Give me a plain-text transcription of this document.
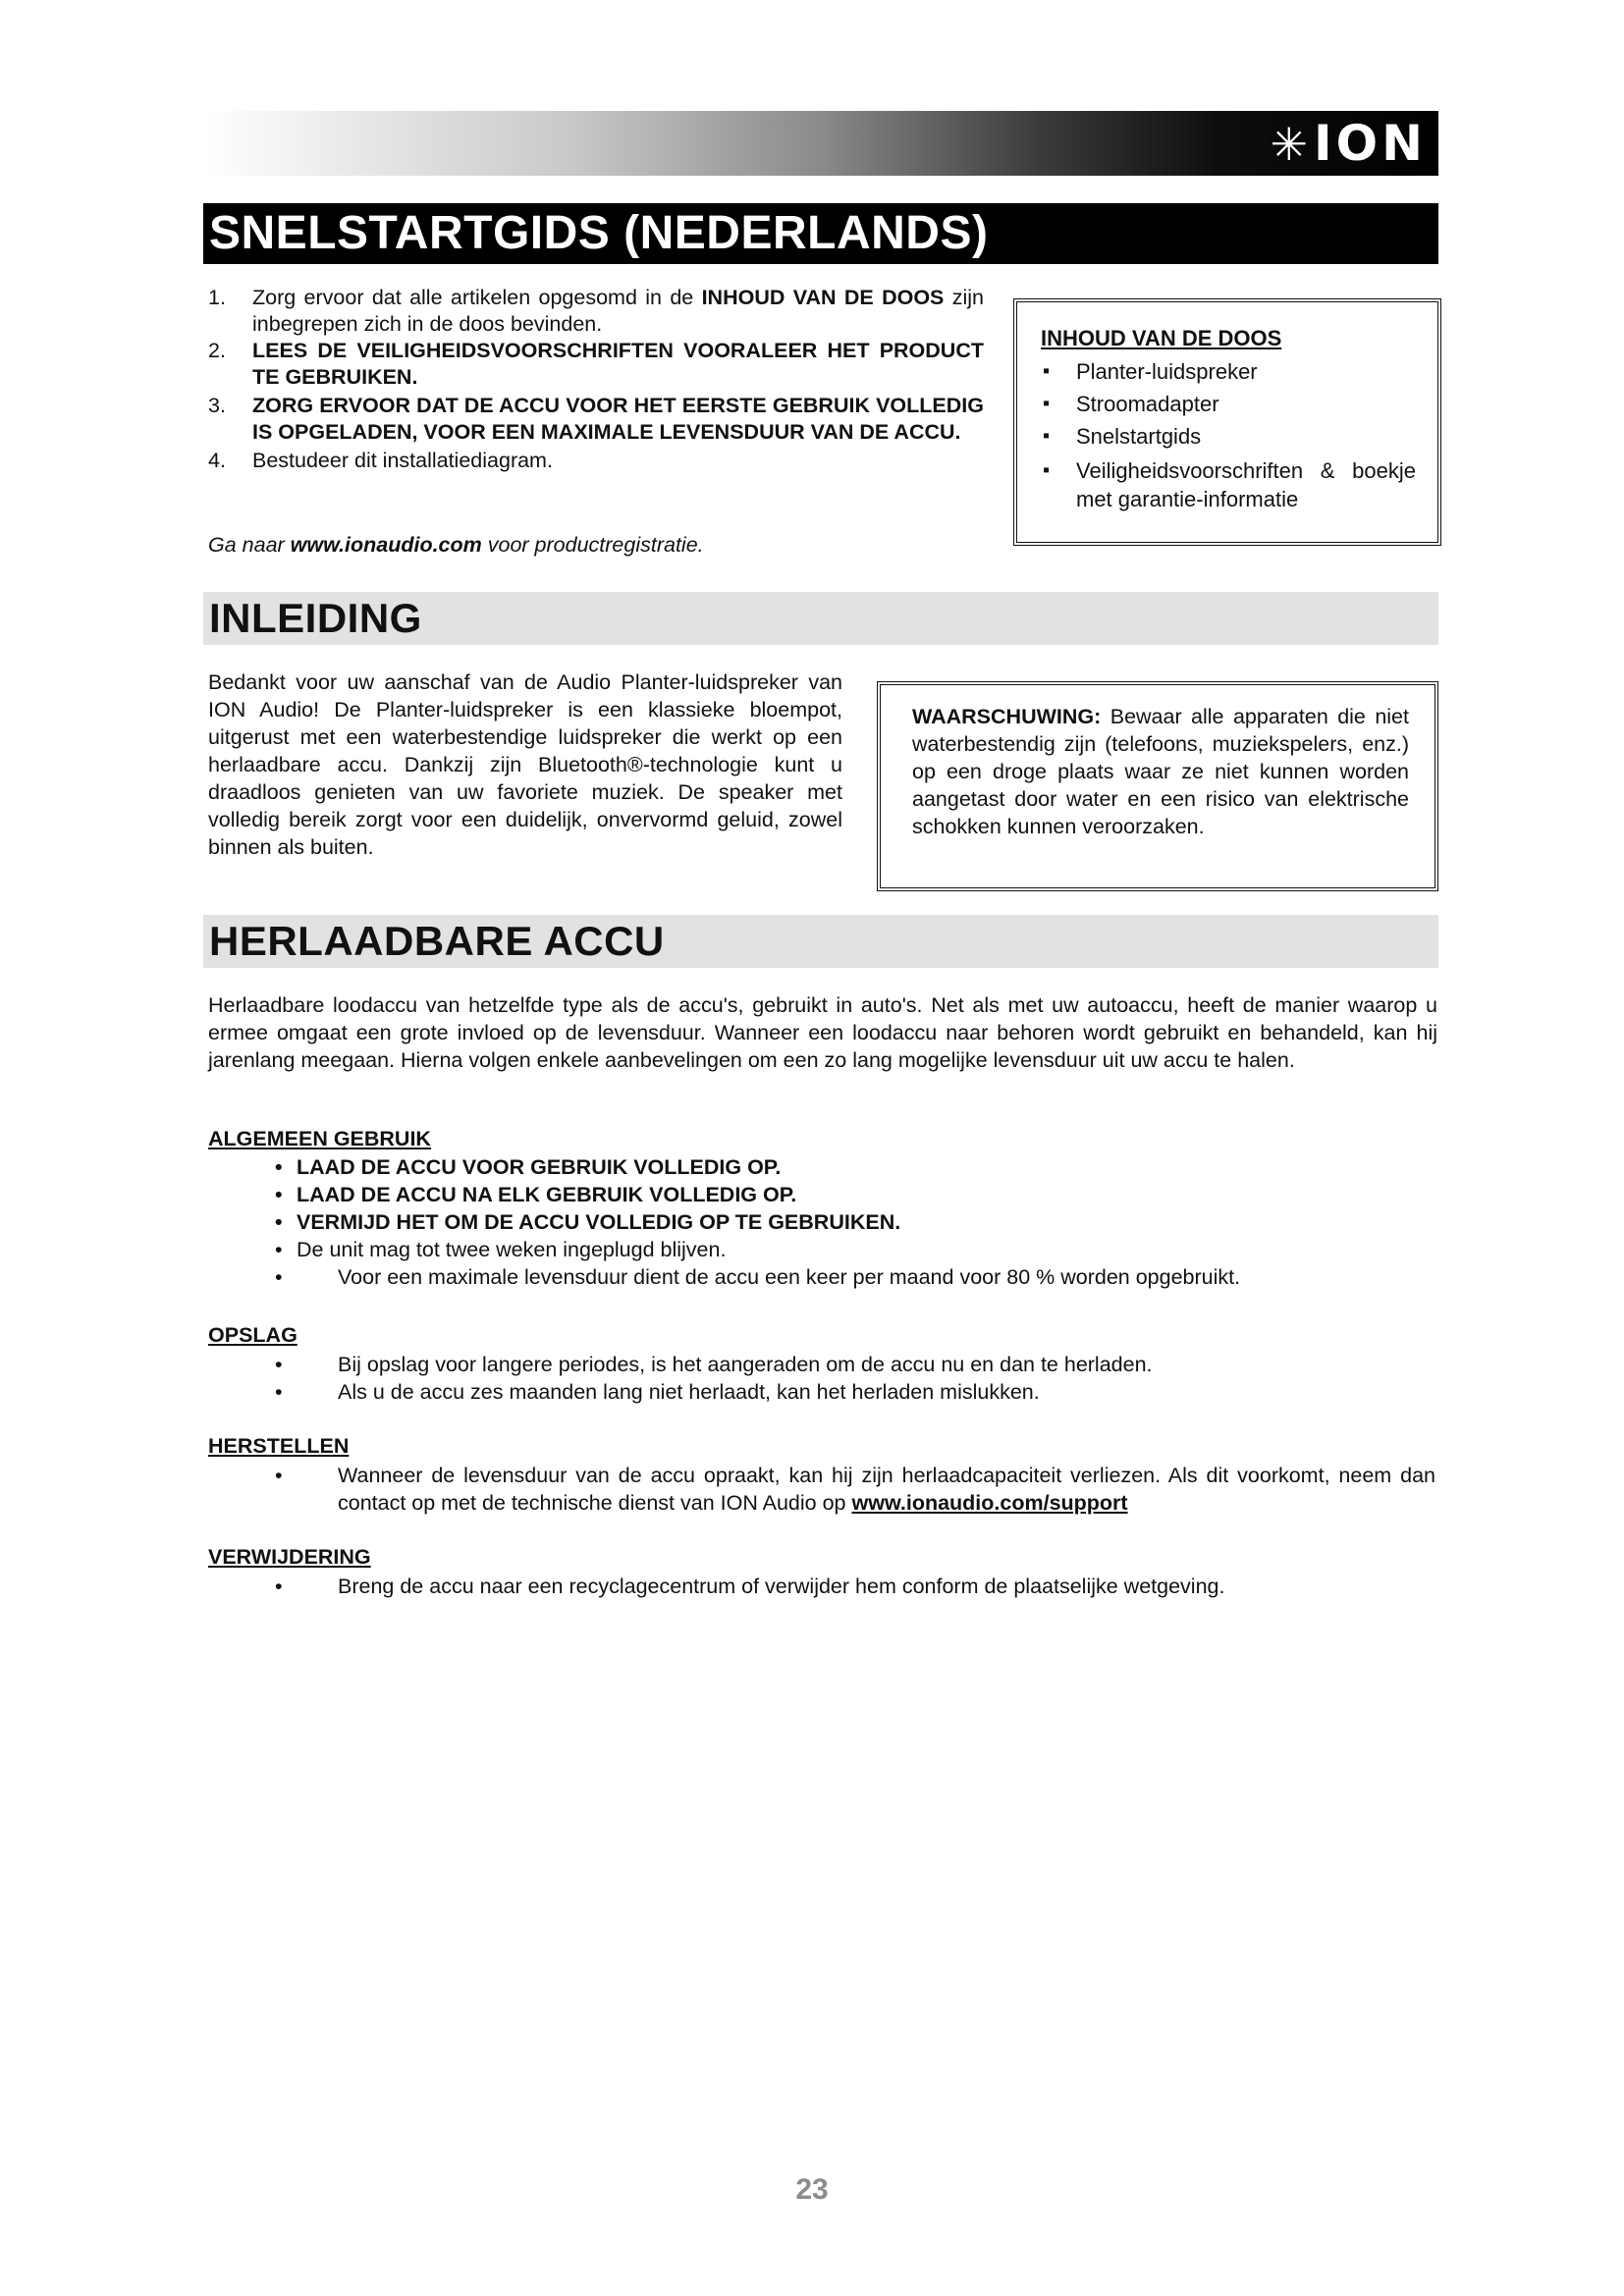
✳ ION
SNELSTARTGIDS (NEDERLANDS)
1. Zorg ervoor dat alle artikelen opgesomd in de INHOUD VAN DE DOOS zijn inbegrepen zich in de doos bevinden.
2. LEES DE VEILIGHEIDSVOORSCHRIFTEN VOORALEER HET PRODUCT TE GEBRUIKEN.
3. ZORG ERVOOR DAT DE ACCU VOOR HET EERSTE GEBRUIK VOLLEDIG IS OPGELADEN, VOOR EEN MAXIMALE LEVENSDUUR VAN DE ACCU.
4. Bestudeer dit installatiediagram.
Ga naar www.ionaudio.com voor productregistratie.
INHOUD VAN DE DOOS
▪ Planter-luidspreker
▪ Stroomadapter
▪ Snelstartgids
▪ Veiligheidsvoorschriften & boekje met garantie-informatie
INLEIDING
Bedankt voor uw aanschaf van de Audio Planter-luidspreker van ION Audio! De Planter-luidspreker is een klassieke bloempot, uitgerust met een waterbestendige luidspreker die werkt op een herlaadbare accu. Dankzij zijn Bluetooth®-technologie kunt u draadloos genieten van uw favoriete muziek. De speaker met volledig bereik zorgt voor een duidelijk, onvervormd geluid, zowel binnen als buiten.
WAARSCHUWING: Bewaar alle apparaten die niet waterbestendig zijn (telefoons, muziekspelers, enz.) op een droge plaats waar ze niet kunnen worden aangetast door water en een risico van elektrische schokken kunnen veroorzaken.
HERLAADBARE ACCU
Herlaadbare loodaccu van hetzelfde type als de accu's, gebruikt in auto's. Net als met uw autoaccu, heeft de manier waarop u ermee omgaat een grote invloed op de levensduur. Wanneer een loodaccu naar behoren wordt gebruikt en behandeld, kan hij jarenlang meegaan. Hierna volgen enkele aanbevelingen om een zo lang mogelijke levensduur uit uw accu te halen.
ALGEMEEN GEBRUIK
• LAAD DE ACCU VOOR GEBRUIK VOLLEDIG OP.
• LAAD DE ACCU NA ELK GEBRUIK VOLLEDIG OP.
• VERMIJD HET OM DE ACCU VOLLEDIG OP TE GEBRUIKEN.
• De unit mag tot twee weken ingeplugd blijven.
•	Voor een maximale levensduur dient de accu een keer per maand voor 80 % worden opgebruikt.
OPSLAG
•	Bij opslag voor langere periodes, is het aangeraden om de accu nu en dan te herladen.
•	Als u de accu zes maanden lang niet herlaadt, kan het herladen mislukken.
HERSTELLEN
•	Wanneer de levensduur van de accu opraakt, kan hij zijn herlaadcapaciteit verliezen. Als dit voorkomt, neem dan contact op met de technische dienst van ION Audio op www.ionaudio.com/support
VERWIJDERING
•	Breng de accu naar een recyclagecentrum of verwijder hem conform de plaatselijke wetgeving.
23
